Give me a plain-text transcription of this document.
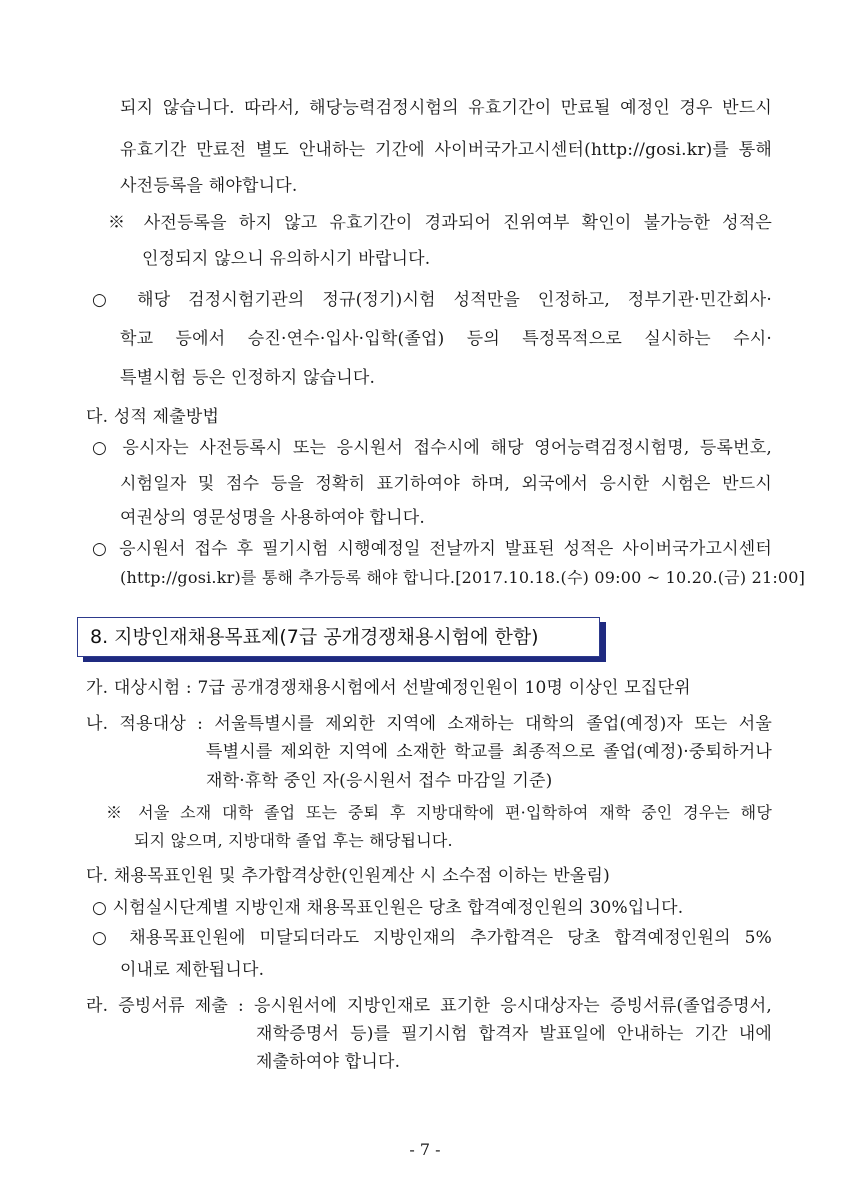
되지 않습니다. 따라서, 해당능력검정시험의 유효기간이 만료될 예정인 경우 반드시
유효기간 만료전 별도 안내하는 기간에 사이버국가고시센터(http://gosi.kr)를 통해
사전등록을 해야합니다.
※ 사전등록을 하지 않고 유효기간이 경과되어 진위여부 확인이 불가능한 성적은
인정되지 않으니 유의하시기 바랍니다.
○ 해당 검정시험기관의 정규(정기)시험 성적만을 인정하고, 정부기관·민간회사·
학교 등에서 승진·연수·입사·입학(졸업) 등의 특정목적으로 실시하는 수시·
특별시험 등은 인정하지 않습니다.
다. 성적 제출방법
○ 응시자는 사전등록시 또는 응시원서 접수시에 해당 영어능력검정시험명, 등록번호,
시험일자 및 점수 등을 정확히 표기하여야 하며, 외국에서 응시한 시험은 반드시
여권상의 영문성명을 사용하여야 합니다.
○ 응시원서 접수 후 필기시험 시행예정일 전날까지 발표된 성적은 사이버국가고시센터
(http://gosi.kr)를 통해 추가등록 해야 합니다.[2017.10.18.(수) 09:00 ~ 10.20.(금) 21:00]
8. 지방인재채용목표제(7급 공개경쟁채용시험에 한함)
가. 대상시험 : 7급 공개경쟁채용시험에서 선발예정인원이 10명 이상인 모집단위
나. 적용대상 : 서울특별시를 제외한 지역에 소재하는 대학의 졸업(예정)자 또는 서울
특별시를 제외한 지역에 소재한 학교를 최종적으로 졸업(예정)·중퇴하거나
재학·휴학 중인 자(응시원서 접수 마감일 기준)
※ 서울 소재 대학 졸업 또는 중퇴 후 지방대학에 편·입학하여 재학 중인 경우는 해당
되지 않으며, 지방대학 졸업 후는 해당됩니다.
다. 채용목표인원 및 추가합격상한(인원계산 시 소수점 이하는 반올림)
○ 시험실시단계별 지방인재 채용목표인원은 당초 합격예정인원의 30%입니다.
○ 채용목표인원에 미달되더라도 지방인재의 추가합격은 당초 합격예정인원의 5%
이내로 제한됩니다.
라. 증빙서류 제출 : 응시원서에 지방인재로 표기한 응시대상자는 증빙서류(졸업증명서,
재학증명서 등)를 필기시험 합격자 발표일에 안내하는 기간 내에
제출하여야 합니다.
- 7 -
